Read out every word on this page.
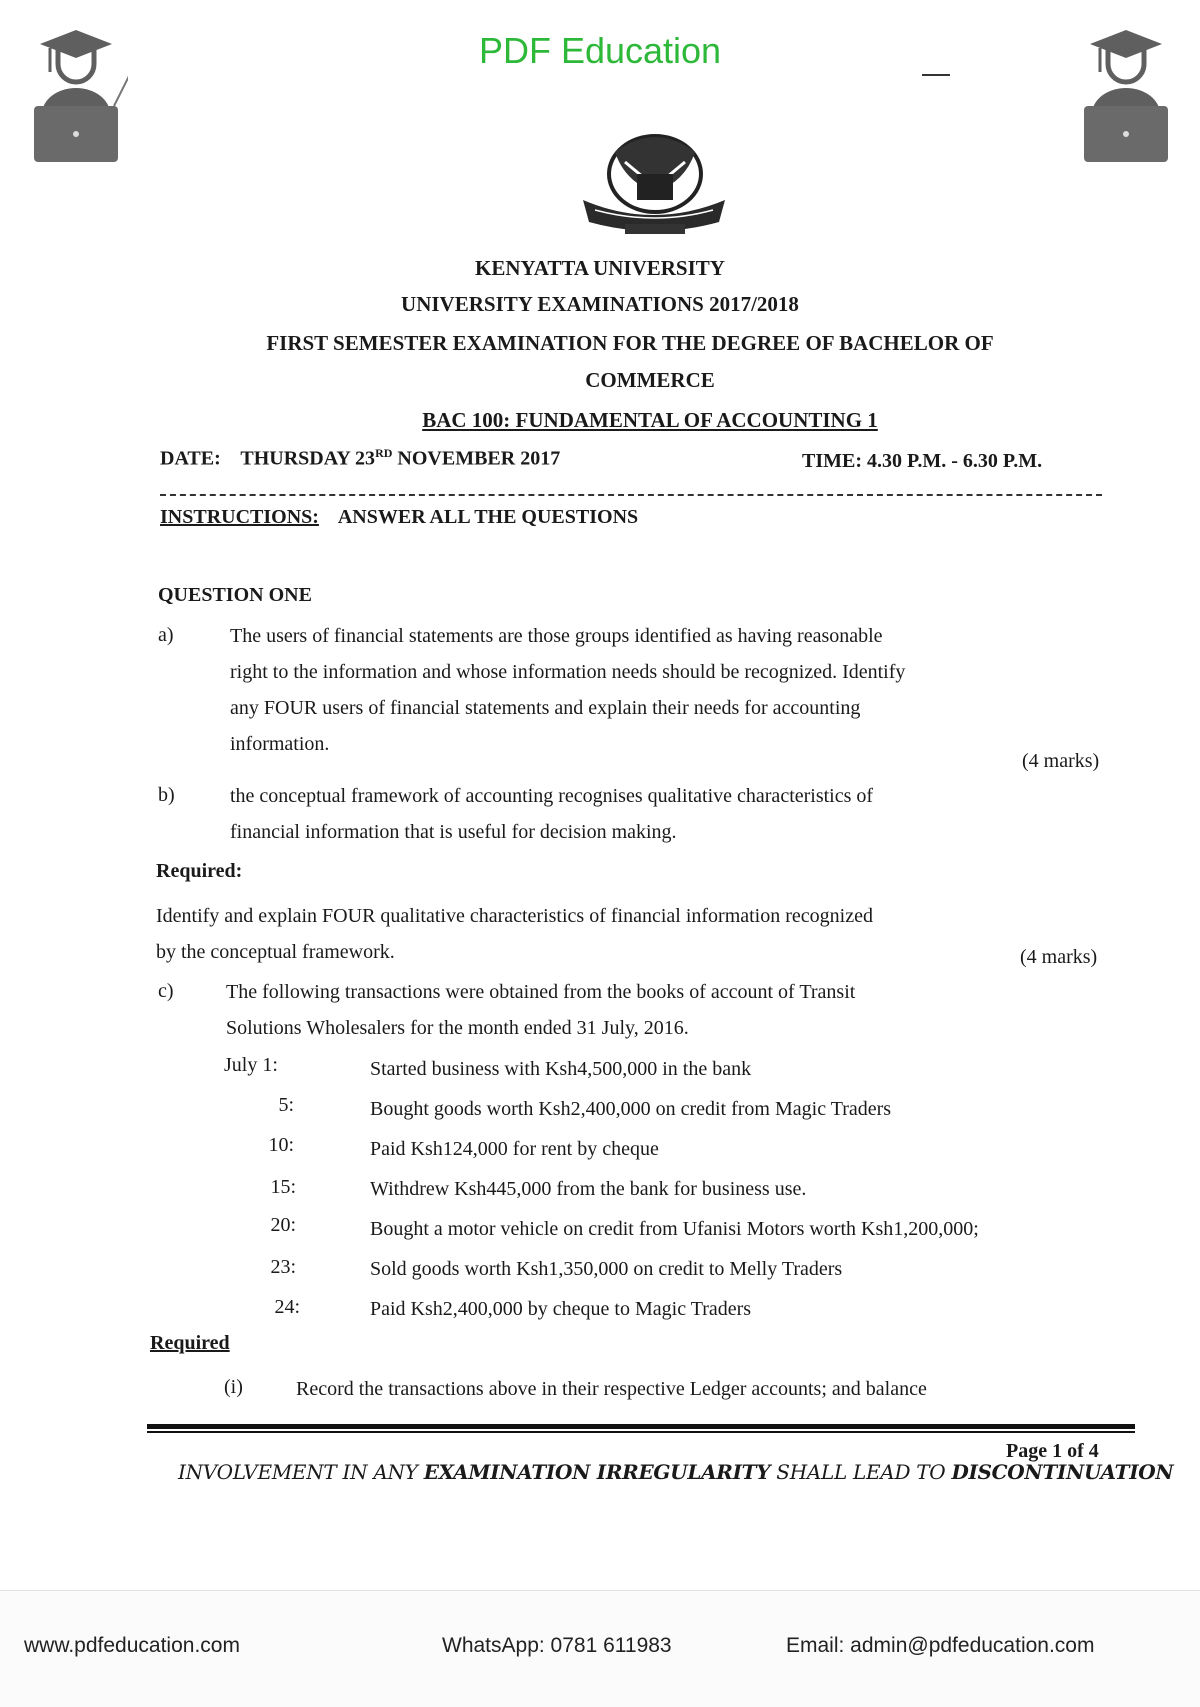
PDF Education
KENYATTA UNIVERSITY
UNIVERSITY EXAMINATIONS 2017/2018
FIRST SEMESTER EXAMINATION FOR THE DEGREE OF BACHELOR OF
COMMERCE
BAC 100: FUNDAMENTAL OF ACCOUNTING 1
DATE: THURSDAY 23RD NOVEMBER 2017	TIME: 4.30 P.M. - 6.30 P.M.
INSTRUCTIONS: ANSWER ALL THE QUESTIONS
QUESTION ONE
a)	The users of financial statements are those groups identified as having reasonable
right to the information and whose information needs should be recognized. Identify
any FOUR users of financial statements and explain their needs for accounting
information.
(4 marks)
b)	the conceptual framework of accounting recognises qualitative characteristics of
financial information that is useful for decision making.
Required:
Identify and explain FOUR qualitative characteristics of financial information recognized
by the conceptual framework.	(4 marks)
c)	The following transactions were obtained from the books of account of Transit
Solutions Wholesalers for the month ended 31 July, 2016.
July 1:	Started business with Ksh4,500,000 in the bank
5:	Bought goods worth Ksh2,400,000 on credit from Magic Traders
10:	Paid Ksh124,000 for rent by cheque
15:	Withdrew Ksh445,000 from the bank for business use.
20:	Bought a motor vehicle on credit from Ufanisi Motors worth Ksh1,200,000;
23:	Sold goods worth Ksh1,350,000 on credit to Melly Traders
24:	Paid Ksh2,400,000 by cheque to Magic Traders
Required
(i)	Record the transactions above in their respective Ledger accounts; and balance
Page 1 of 4
INVOLVEMENT IN ANY EXAMINATION IRREGULARITY SHALL LEAD TO DISCONTINUATION
www.pdfeducation.com	WhatsApp: 0781 611983	Email: admin@pdfeducation.com
